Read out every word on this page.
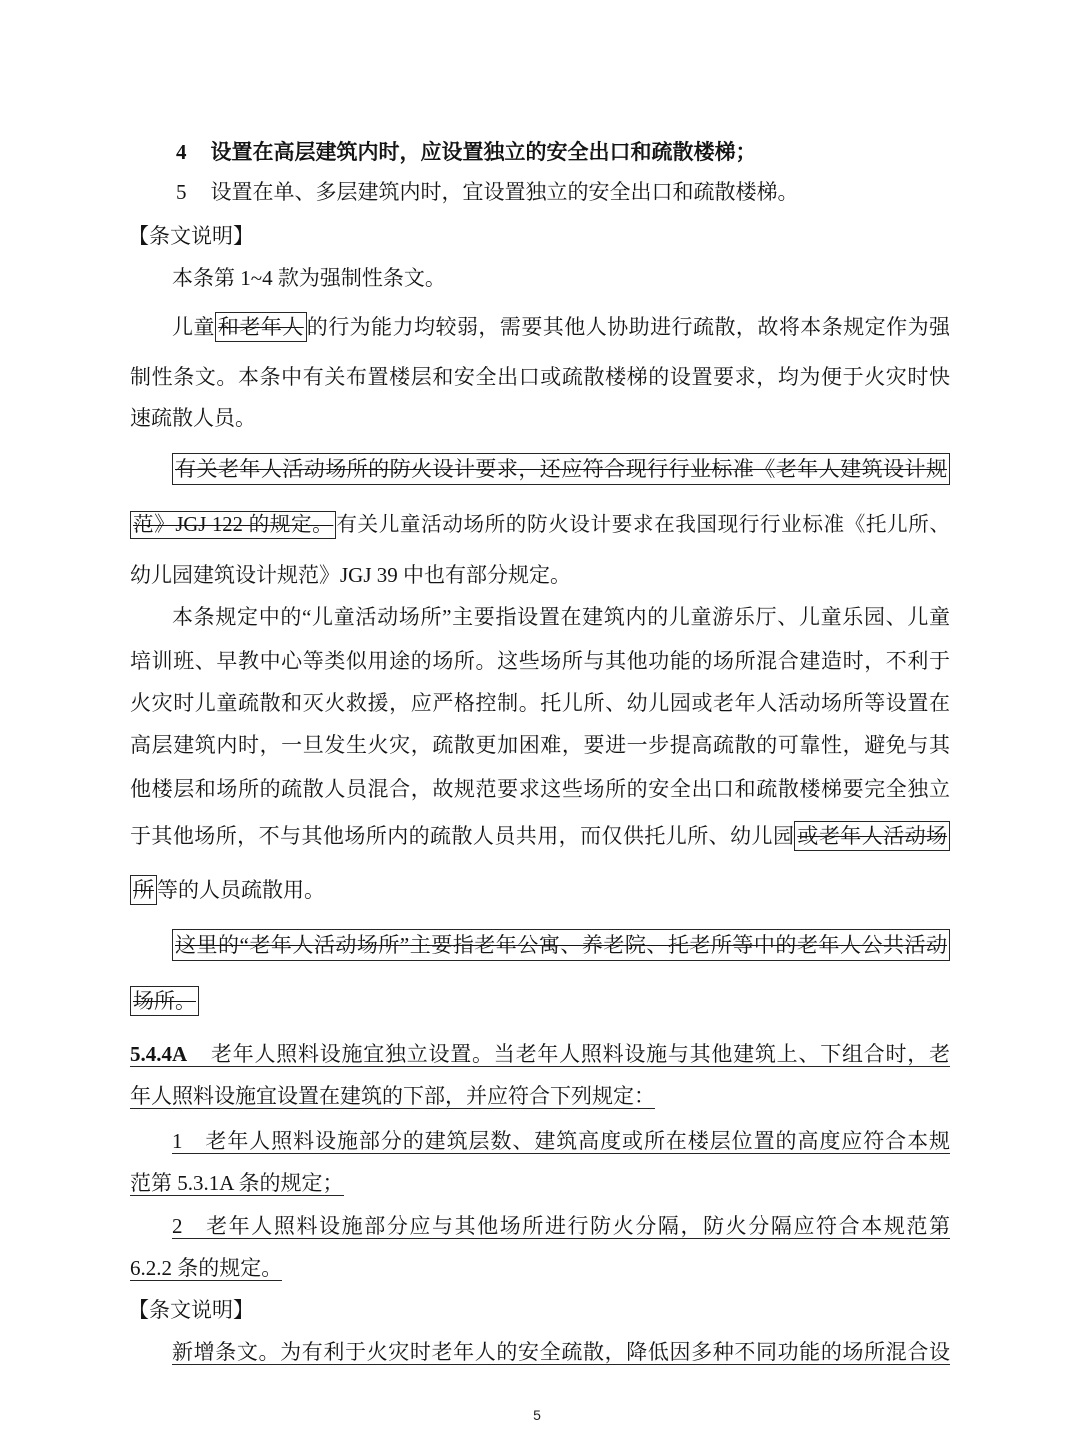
4 设置在高层建筑内时，应设置独立的安全出口和疏散楼梯；
5 设置在单、多层建筑内时，宜设置独立的安全出口和疏散楼梯。
【条文说明】
本条第 1~4 款为强制性条文。
儿童 和老年人 的行为能力均较弱，需要其他人协助进行疏散，故将本条规定作为强
制性条文。本条中有关布置楼层和安全出口或疏散楼梯的设置要求，均为便于火灾时快
速疏散人员。
有关老年人活动场所的防火设计要求，还应符合现行行业标准《老年人建筑设计规
范》JGJ 122 的规定。 有关儿童活动场所的防火设计要求在我国现行行业标准《托儿所、
幼儿园建筑设计规范》JGJ 39 中也有部分规定。
本条规定中的“儿童活动场所”主要指设置在建筑内的儿童游乐厅、儿童乐园、儿童
培训班、早教中心等类似用途的场所。这些场所与其他功能的场所混合建造时，不利于
火灾时儿童疏散和灭火救援，应严格控制。托儿所、幼儿园或老年人活动场所等设置在
高层建筑内时，一旦发生火灾，疏散更加困难，要进一步提高疏散的可靠性，避免与其
他楼层和场所的疏散人员混合，故规范要求这些场所的安全出口和疏散楼梯要完全独立
于其他场所，不与其他场所内的疏散人员共用，而仅供托儿所、幼儿园 或老年人活动场
所 等的人员疏散用。
这里的“老年人活动场所”主要指老年公寓、养老院、托老所等中的老年人公共活动
场所。
5.4.4A 老年人照料设施宜独立设置。当老年人照料设施与其他建筑上、下组合时，老
年人照料设施宜设置在建筑的下部，并应符合下列规定：
1 老年人照料设施部分的建筑层数、建筑高度或所在楼层位置的高度应符合本规
范第 5.3.1A 条的规定；
2 老年人照料设施部分应与其他场所进行防火分隔，防火分隔应符合本规范第
6.2.2 条的规定。
【条文说明】
新增条文。为有利于火灾时老年人的安全疏散，降低因多种不同功能的场所混合设
5
